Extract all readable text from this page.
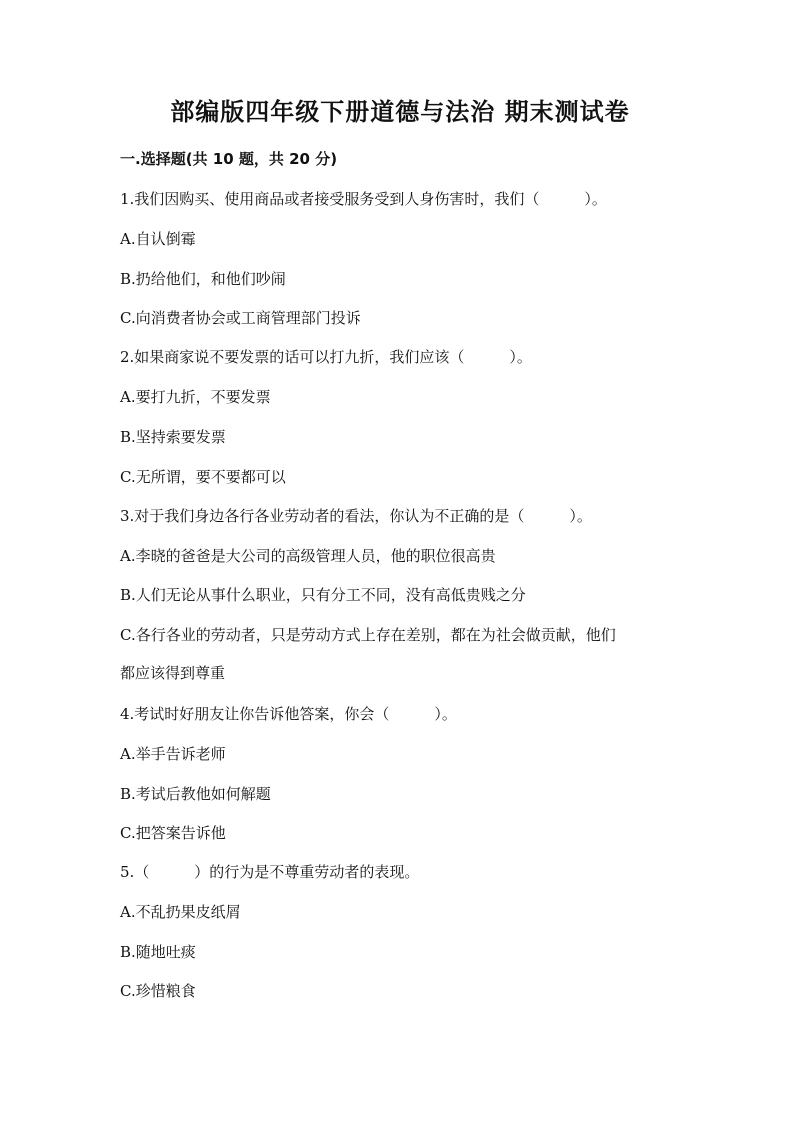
部编版四年级下册道德与法治 期末测试卷
一.选择题(共 10 题，共 20 分)
1.我们因购买、使用商品或者接受服务受到人身伤害时，我们（　　　）。
A.自认倒霉
B.扔给他们，和他们吵闹
C.向消费者协会或工商管理部门投诉
2.如果商家说不要发票的话可以打九折，我们应该（　　　）。
A.要打九折，不要发票
B.坚持索要发票
C.无所谓，要不要都可以
3.对于我们身边各行各业劳动者的看法，你认为不正确的是（　　　）。
A.李晓的爸爸是大公司的高级管理人员，他的职位很高贵
B.人们无论从事什么职业，只有分工不同，没有高低贵贱之分
C.各行各业的劳动者，只是劳动方式上存在差别，都在为社会做贡献，他们
都应该得到尊重
4.考试时好朋友让你告诉他答案，你会（　　　）。
A.举手告诉老师
B.考试后教他如何解题
C.把答案告诉他
5.（　　　）的行为是不尊重劳动者的表现。
A.不乱扔果皮纸屑
B.随地吐痰
C.珍惜粮食
